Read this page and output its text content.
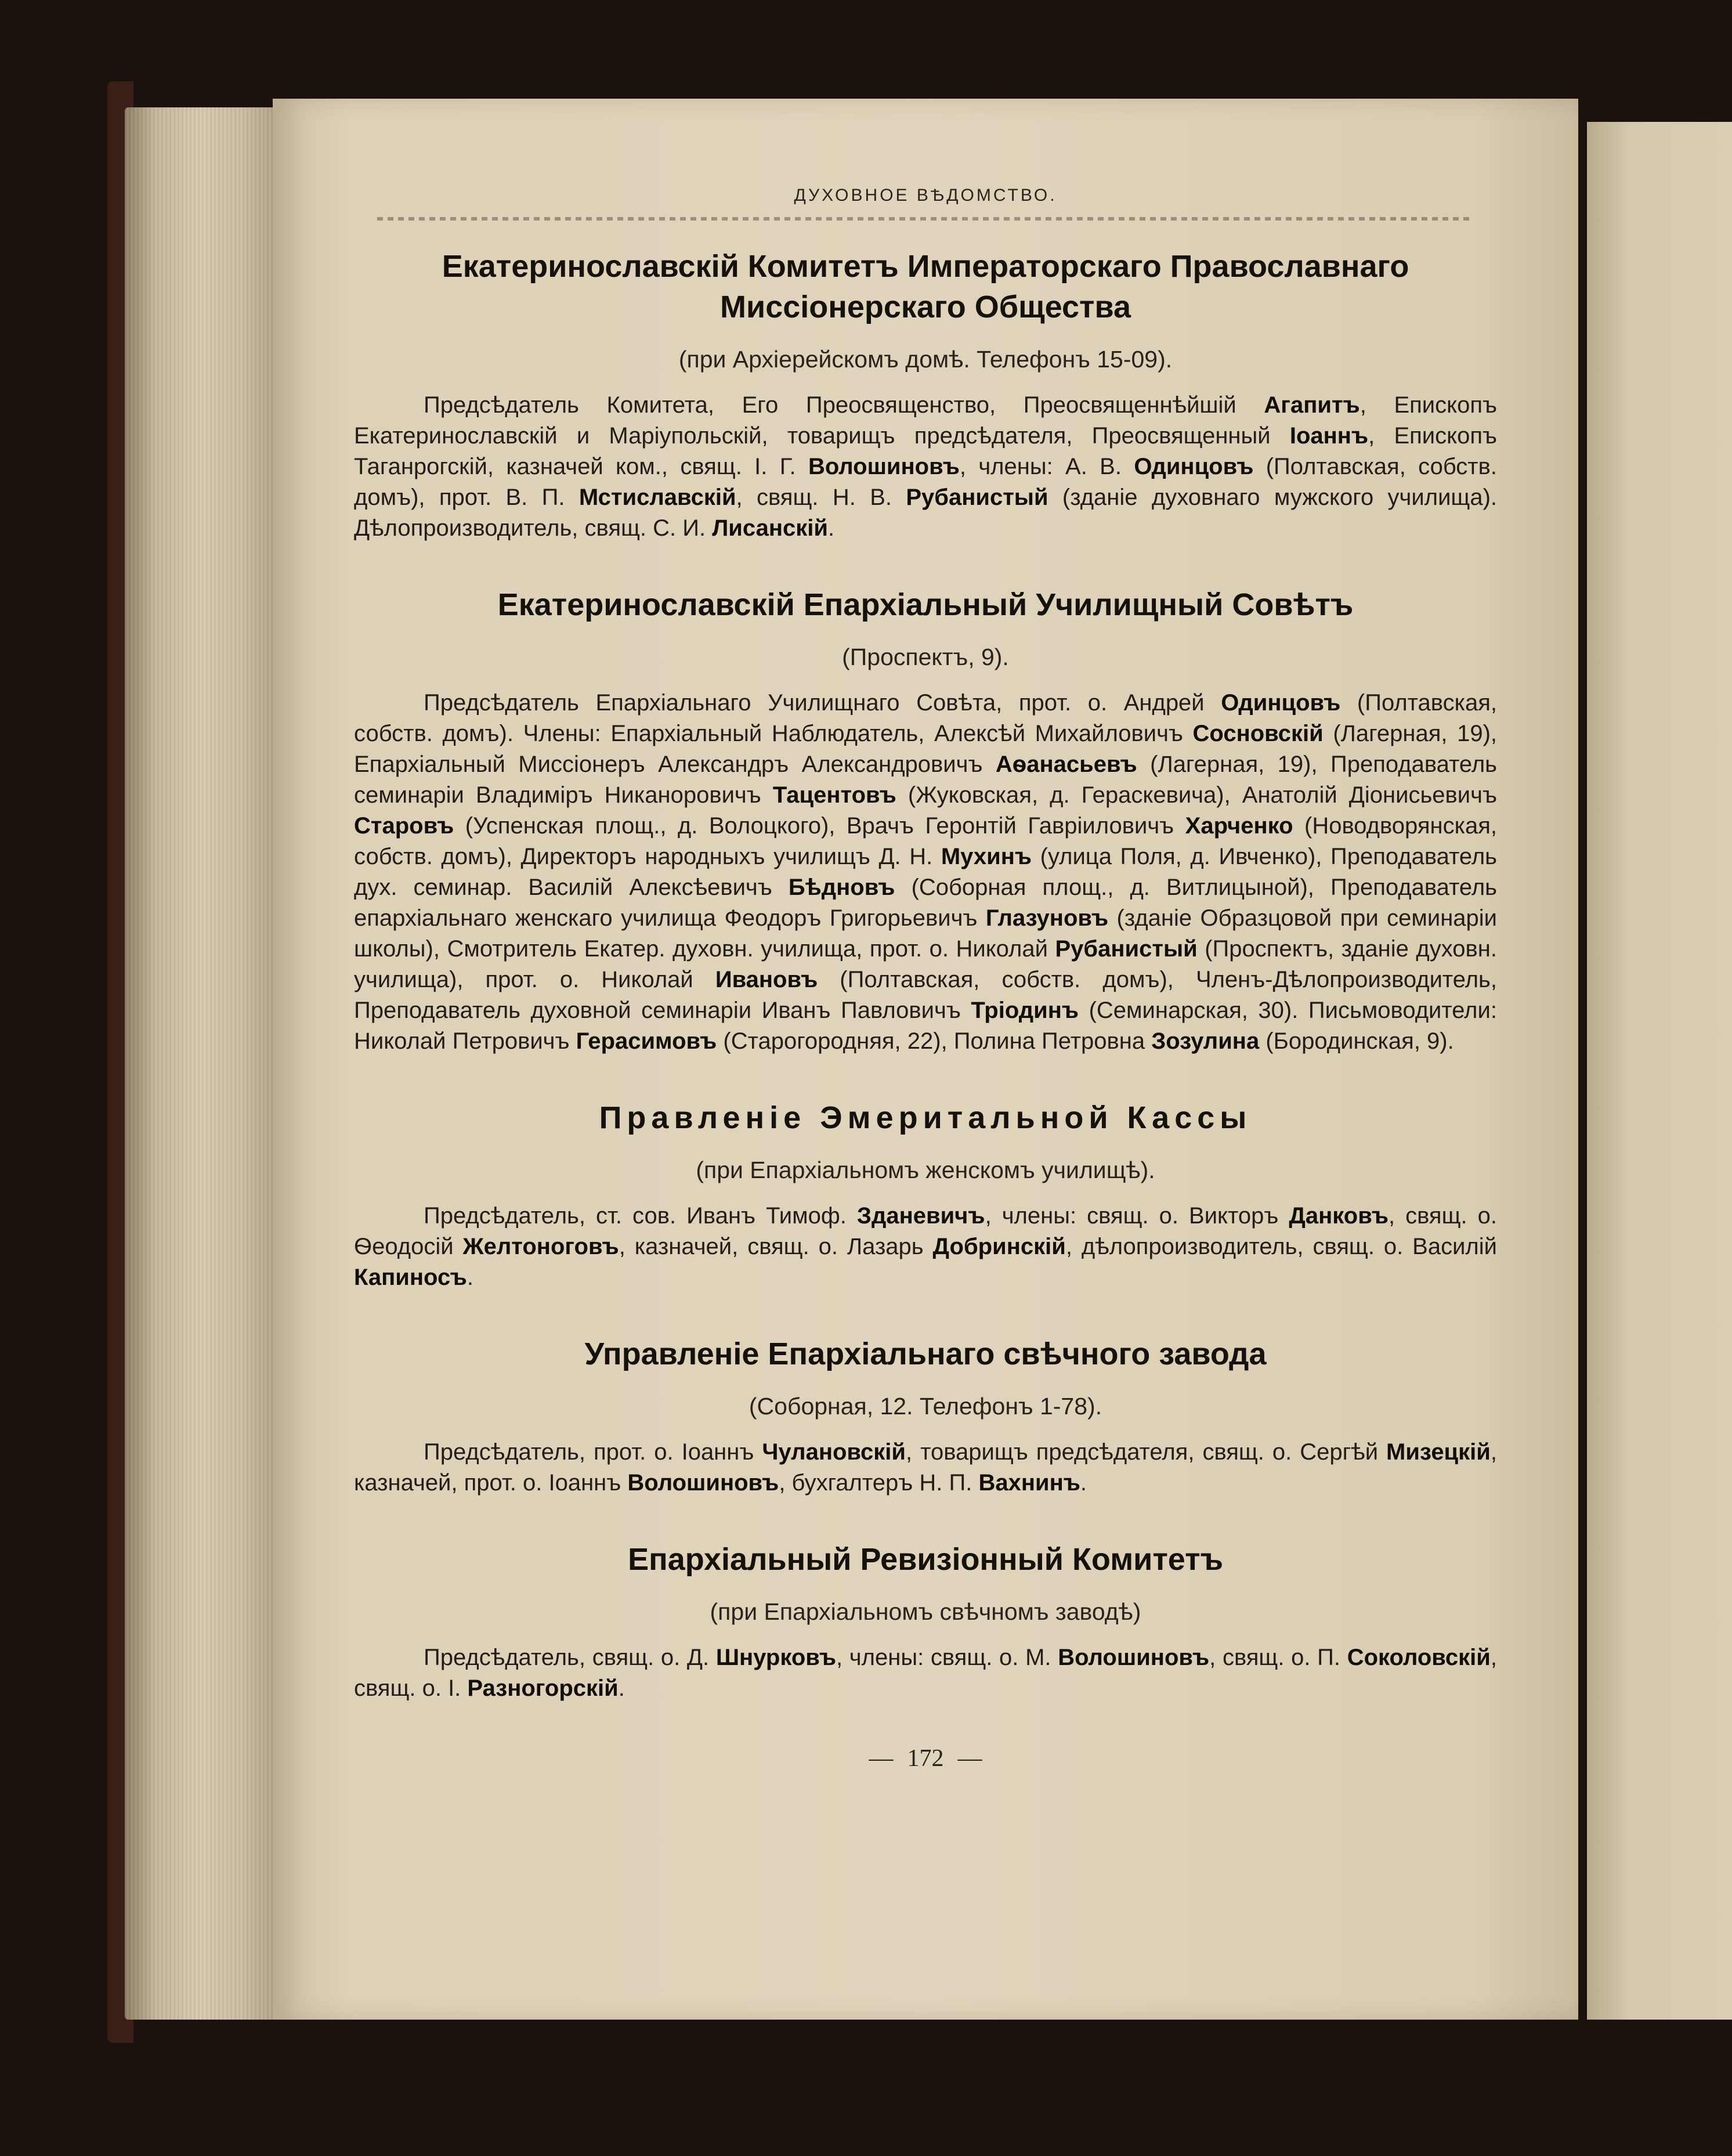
ДУХОВНОЕ ВѢДОМСТВО.
Екатеринославскій Комитетъ Императорскаго Православнаго Миссіонерскаго Общества
(при Архіерейскомъ домѣ. Телефонъ 15-09).

Предсѣдатель Комитета, Его Преосвященство, Преосвященнѣйшій Агапитъ, Епископъ Екатеринославскій и Маріупольскій, товарищъ предсѣдателя, Преосвященный Іоаннъ, Епископъ Таганрогскій, казначей ком., свящ. І. Г. Волошиновъ, члены: А. В. Одинцовъ (Полтавская, собств. домъ), прот. В. П. Мстиславскій, свящ. Н. В. Рубанистый (зданіе духовнаго мужского училища). Дѣлопроизводитель, свящ. С. И. Лисанскій.

Екатеринославскій Епархіальный Училищный Совѣтъ
(Проспектъ, 9).

Предсѣдатель Епархіальнаго Училищнаго Совѣта, прот. о. Андрей Одинцовъ (Полтавская, собств. домъ). Члены: Епархіальный Наблюдатель, Алексѣй Михайловичъ Сосновскій (Лагерная, 19), Епархіальный Миссіонеръ Александръ Александровичъ Аѳанасьевъ (Лагерная, 19), Преподаватель семинаріи Владиміръ Никаноровичъ Тацентовъ (Жуковская, д. Гераскевича), Анатолій Діонисьевичъ Старовъ (Успенская площ., д. Волоцкого), Врачъ Геронтій Гавріиловичъ Харченко (Новодворянская, собств. домъ), Директоръ народныхъ училищъ Д. Н. Мухинъ (улица Поля, д. Ивченко), Преподаватель дух. семинар. Василій Алексѣевичъ Бѣдновъ (Соборная площ., д. Витлицыной), Преподаватель епархіальнаго женскаго училища Феодоръ Григорьевичъ Глазуновъ (зданіе Образцовой при семинаріи школы), Смотритель Екатер. духовн. училища, прот. о. Николай Рубанистый (Проспектъ, зданіе духовн. училища), прот. о. Николай Ивановъ (Полтавская, собств. домъ), Членъ-Дѣлопроизводитель, Преподаватель духовной семинаріи Иванъ Павловичъ Тріодинъ (Семинарская, 30). Письмоводители: Николай Петровичъ Герасимовъ (Старогородняя, 22), Полина Петровна Зозулина (Бородинская, 9).

Правленіе Эмеритальной Кассы
(при Епархіальномъ женскомъ училищѣ).

Предсѣдатель, ст. сов. Иванъ Тимоф. Зданевичъ, члены: свящ. о. Викторъ Данковъ, свящ. о. Ѳеодосій Желтоноговъ, казначей, свящ. о. Лазарь Добринскій, дѣлопроизводитель, свящ. о. Василій Капиносъ.

Управленіе Епархіальнаго свѣчного завода
(Соборная, 12. Телефонъ 1-78).

Предсѣдатель, прот. о. Іоаннъ Чулановскій, товарищъ предсѣдателя, свящ. о. Сергѣй Мизецкій, казначей, прот. о. Іоаннъ Волошиновъ, бухгалтеръ Н. П. Вахнинъ.

Епархіальный Ревизіонный Комитетъ
(при Епархіальномъ свѣчномъ заводѣ)

Предсѣдатель, свящ. о. Д. Шнурковъ, члены: свящ. о. М. Волошиновъ, свящ. о. П. Соколовскій, свящ. о. І. Разногорскій.

— 172 —
